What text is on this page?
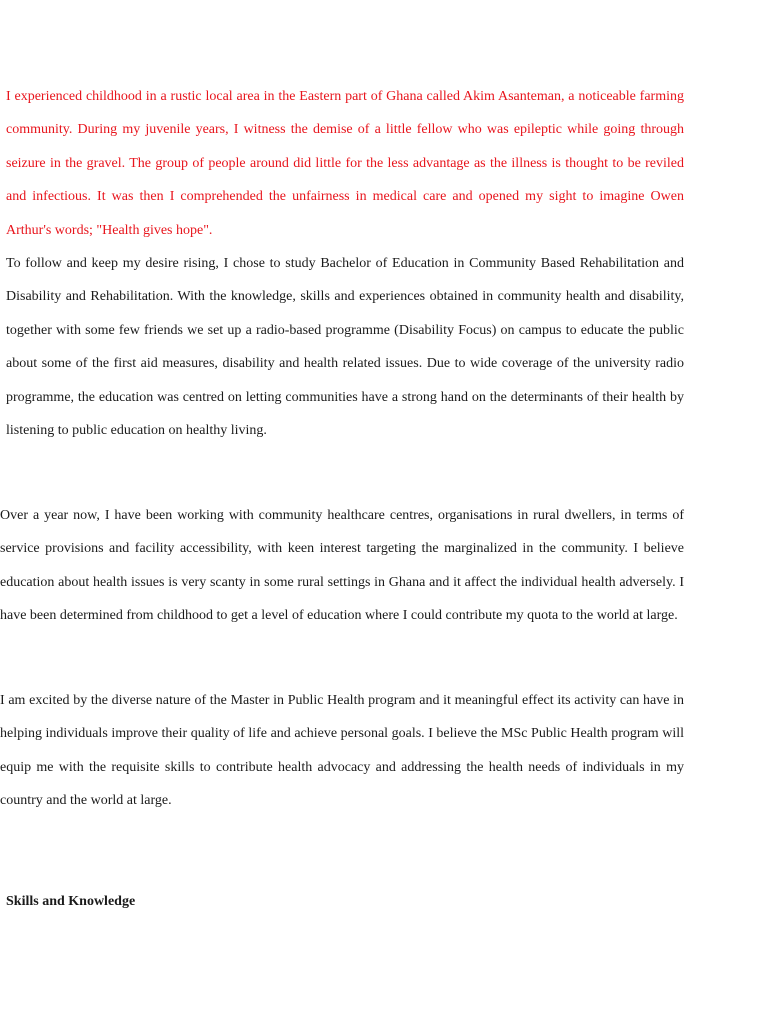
I experienced childhood in a rustic local area in the Eastern part of Ghana called Akim Asanteman, a noticeable farming community. During my juvenile years, I witness the demise of a little fellow who was epileptic while going through seizure in the gravel. The group of people around did little for the less advantage as the illness is thought to be reviled and infectious. It was then I comprehended the unfairness in medical care and opened my sight to imagine Owen Arthur's words; "Health gives hope".

To follow and keep my desire rising, I chose to study Bachelor of Education in Community Based Rehabilitation and Disability and Rehabilitation. With the knowledge, skills and experiences obtained in community health and disability, together with some few friends we set up a radio-based programme (Disability Focus) on campus to educate the public about some of the first aid measures, disability and health related issues. Due to wide coverage of the university radio programme, the education was centred on letting communities have a strong hand on the determinants of their health by listening to public education on healthy living.

Over a year now, I have been working with community healthcare centres, organisations in rural dwellers, in terms of service provisions and facility accessibility, with keen interest targeting the marginalized in the community. I believe education about health issues is very scanty in some rural settings in Ghana and it affect the individual health adversely. I have been determined from childhood to get a level of education where I could contribute my quota to the world at large.

I am excited by the diverse nature of the Master in Public Health program and it meaningful effect its activity can have in helping individuals improve their quality of life and achieve personal goals. I believe the MSc Public Health program will equip me with the requisite skills to contribute health advocacy and addressing the health needs of individuals in my country and the world at large.

Skills and Knowledge
